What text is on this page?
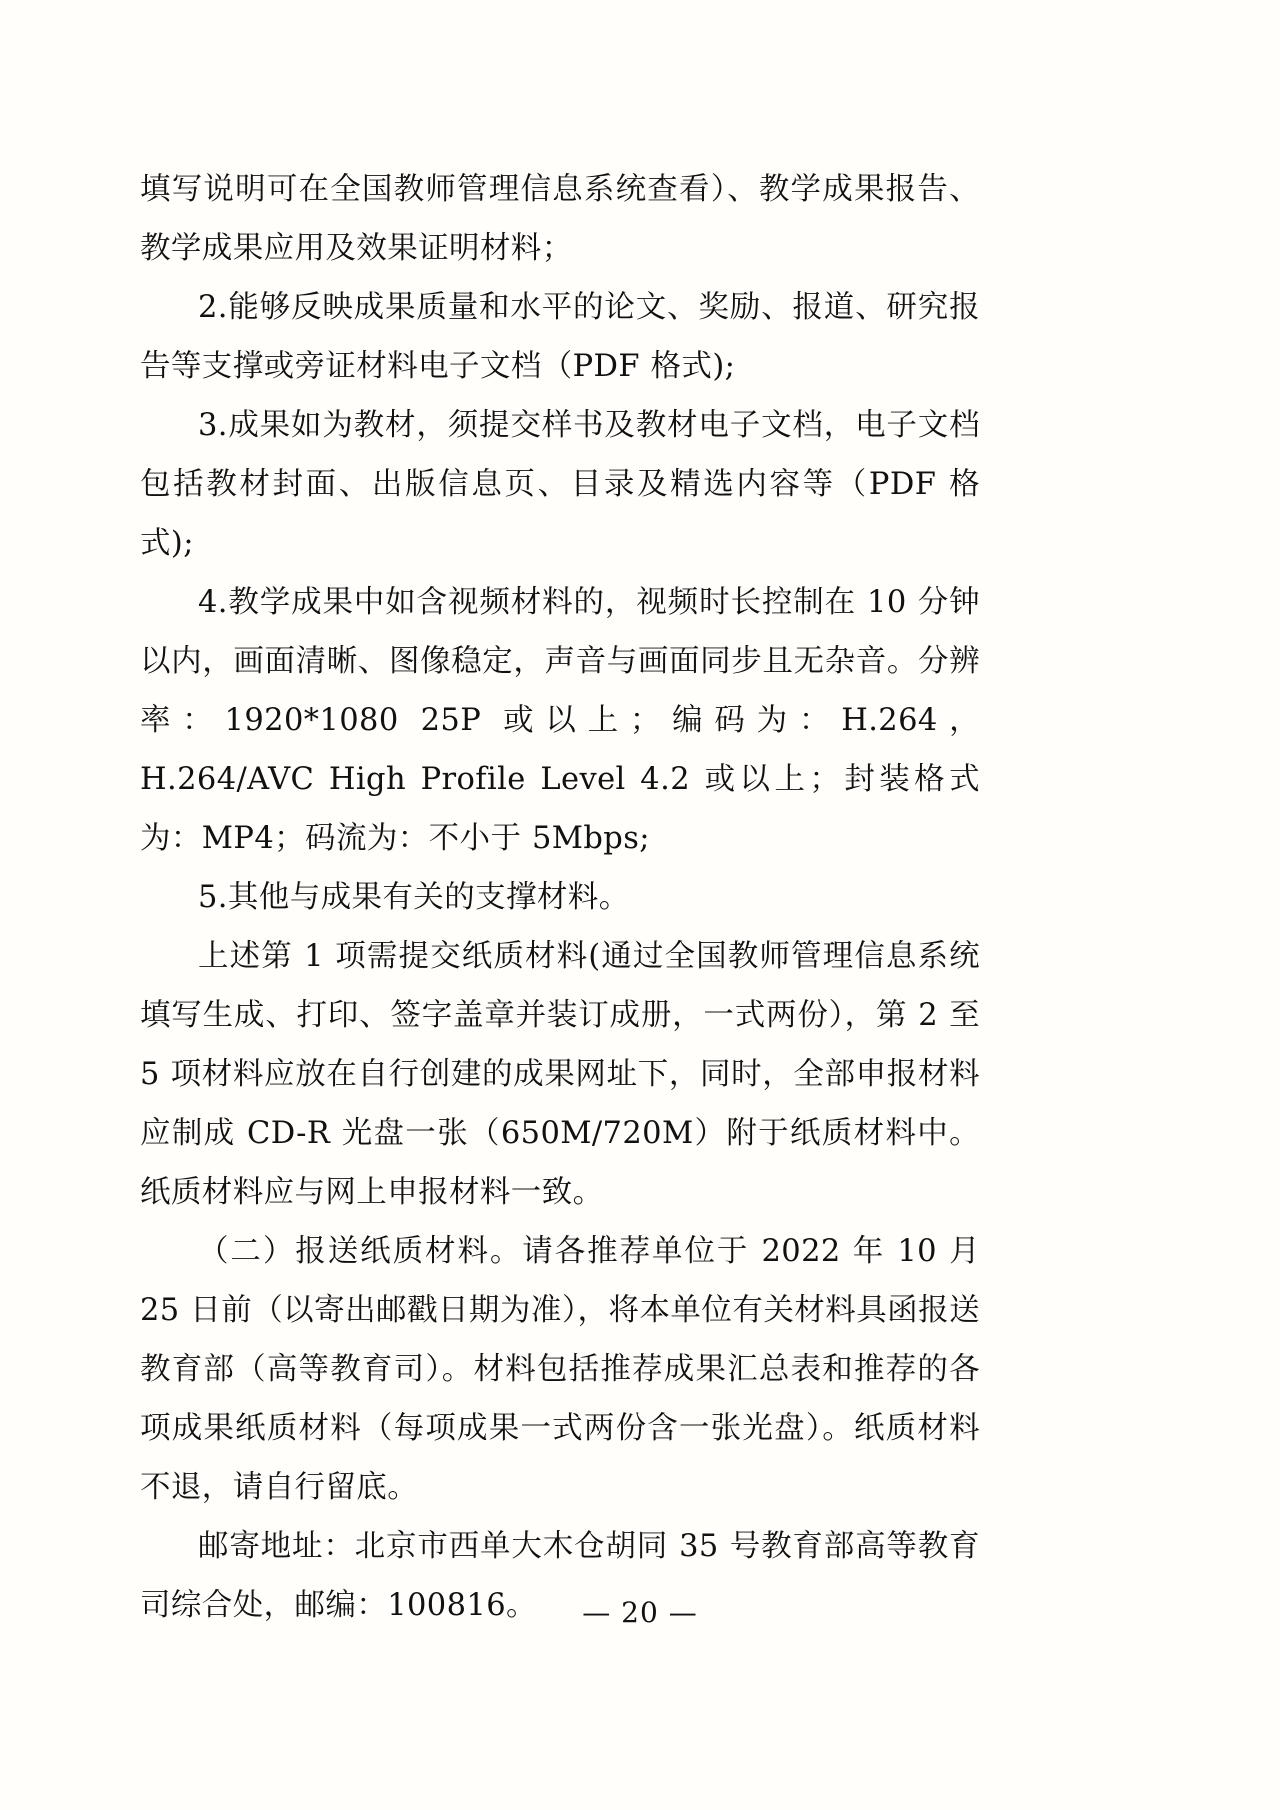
填写说明可在全国教师管理信息系统查看）、教学成果报告、教学成果应用及效果证明材料；

2.能够反映成果质量和水平的论文、奖励、报道、研究报告等支撑或旁证材料电子文档（PDF 格式);

3.成果如为教材，须提交样书及教材电子文档，电子文档包括教材封面、出版信息页、目录及精选内容等（PDF 格式);

4.教学成果中如含视频材料的，视频时长控制在 10 分钟以内，画面清晰、图像稳定，声音与画面同步且无杂音。分辨率：1920*1080 25P 或以上；编码为：H.264，H.264/AVC High Profile Level 4.2 或以上；封装格式为：MP4；码流为：不小于 5Mbps;

5.其他与成果有关的支撑材料。

上述第 1 项需提交纸质材料(通过全国教师管理信息系统填写生成、打印、签字盖章并装订成册，一式两份），第 2 至 5 项材料应放在自行创建的成果网址下，同时，全部申报材料应制成 CD-R 光盘一张（650M/720M）附于纸质材料中。纸质材料应与网上申报材料一致。

（二）报送纸质材料。请各推荐单位于 2022 年 10 月 25 日前（以寄出邮戳日期为准），将本单位有关材料具函报送教育部（高等教育司）。材料包括推荐成果汇总表和推荐的各项成果纸质材料（每项成果一式两份含一张光盘）。纸质材料不退，请自行留底。

邮寄地址：北京市西单大木仓胡同 35 号教育部高等教育司综合处，邮编：100816。	— 20 —
